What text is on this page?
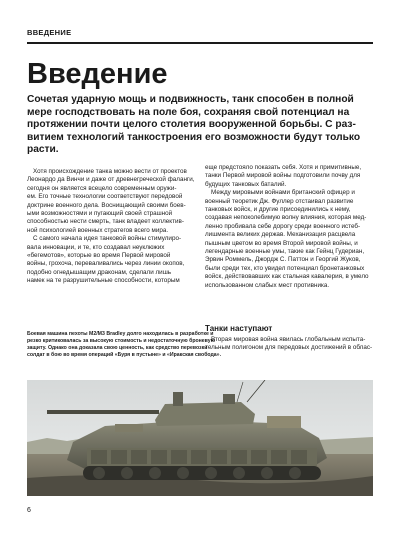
ВВЕДЕНИЕ
Введение
Сочетая ударную мощь и подвижность, танк способен в полной
мере господствовать на поле боя, сохраняя свой потенциал на
протяжении почти целого столетия вооруженной борьбы. С раз-
витием технологий танкостроения его возможности будут только
расти.
Хотя происхождение танка можно вести от проектов
Леонардо да Винчи и даже от древнегреческой фаланги,
сегодня он является всецело современным оружи-
ем. Его точные технологии соответствуют передовой
доктрине военного дела. Воснищающий своими боев-
ыми возможностями и пугающий своей страшной
способностью нести смерть, танк владеет коллектив-
ной психологией военных стратегов всего мира.
С самого начала идея танковой войны стимулиро-
вала инновации, и те, кто создавал неуклюжих
«бегемотов», которые во время Первой мировой
войны, грохоча, переваливались через линии окопов,
подобно огнедышащим драконам, сделали лишь
намек на те разрушительные способности, которым
еще предстояло показать себя. Хотя и примитивные,
танки Первой мировой войны подготовили почву для
будущих танковых баталий.
Между мировыми войнами британский офицер и
военный теоретик Дж. Фуллер отстаивал развитие
танковых войск, и другие присоединились к нему,
создавая непоколебимую волну влияния, которая мед-
ленно пробивала себе дорогу среди военного истеб-
лишмента великих держав. Механизация расцвела
пышным цветом во время Второй мировой войны, и
легендарные военные умы, такие как Гейнц Гудериан,
Эрвин Роммель, Джордж С. Паттон и Георгий Жуков,
были среди тех, кто увидел потенциал бронетанковых
войск, действовавших как стальная кавалерия, в умело
использованном слабых мест противника.
Боевая машина пехоты M2/M3 Bradley долго находилась в разработке и
резко критиковалась за высокую стоимость и недостаточную броневую
защиту. Однако она доказала свою ценность, как средство перевозки
солдат в бою во время операций «Буря в пустыне» и «Иракская свобода».
Танки наступают
Вторая мировая война явилась глобальным испыта-
тельным полигоном для передовых достижений в облас-
6
